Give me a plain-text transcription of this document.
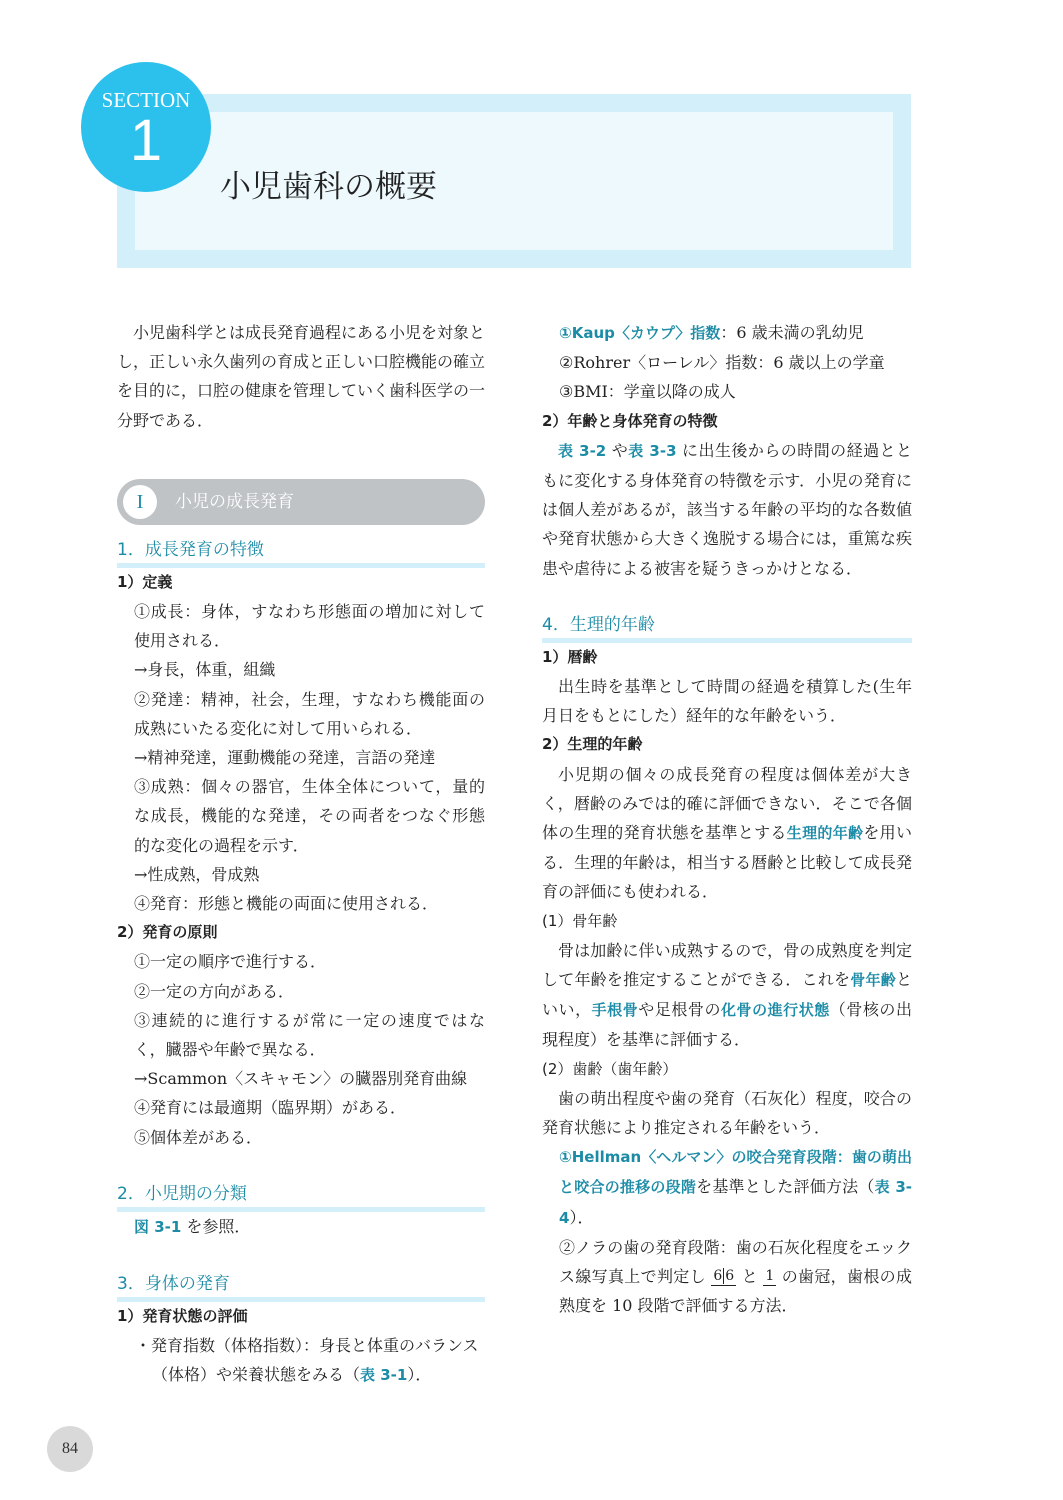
SECTION
1
小児歯科の概要

小児歯科学とは成長発育過程にある小児を対象とし，正しい永久歯列の育成と正しい口腔機能の確立を目的に，口腔の健康を管理していく歯科医学の一分野である．

I	小児の成長発育
1．成長発育の特徴

1）定義

①成長：身体，すなわち形態面の増加に対して使用される．

→身長，体重，組織

②発達：精神，社会，生理，すなわち機能面の成熟にいたる変化に対して用いられる．

→精神発達，運動機能の発達，言語の発達

③成熟：個々の器官，生体全体について，量的な成長，機能的な発達，その両者をつなぐ形態的な変化の過程を示す．

→性成熟，骨成熟

④発育：形態と機能の両面に使用される．

2）発育の原則

①一定の順序で進行する．

②一定の方向がある．

③連続的に進行するが常に一定の速度ではなく，臓器や年齢で異なる．

→Scammon〈スキャモン〉の臓器別発育曲線

④発育には最適期（臨界期）がある．

⑤個体差がある．

2．小児期の分類

図 3-1 を参照．

3．身体の発育

1）発育状態の評価

・発育指数（体格指数）：身長と体重のバランス（体格）や栄養状態をみる（表 3-1）．

①Kaup〈カウプ〉指数：6 歳未満の乳幼児

②Rohrer〈ローレル〉指数：6 歳以上の学童

③BMI：学童以降の成人

2）年齢と身体発育の特徴

表 3-2 や表 3-3 に出生後からの時間の経過とともに変化する身体発育の特徴を示す．小児の発育には個人差があるが，該当する年齢の平均的な各数値や発育状態から大きく逸脱する場合には，重篤な疾患や虐待による被害を疑うきっかけとなる．

4．生理的年齢

1）暦齢

出生時を基準として時間の経過を積算した(生年月日をもとにした）経年的な年齢をいう．

2）生理的年齢

小児期の個々の成長発育の程度は個体差が大きく，暦齢のみでは的確に評価できない．そこで各個体の生理的発育状態を基準とする生理的年齢を用いる．生理的年齢は，相当する暦齢と比較して成長発育の評価にも使われる．

(1）骨年齢

骨は加齢に伴い成熟するので，骨の成熟度を判定して年齢を推定することができる．これを骨年齢といい，手根骨や足根骨の化骨の進行状態（骨核の出現程度）を基準に評価する．

(2）歯齢（歯年齢）

歯の萌出程度や歯の発育（石灰化）程度，咬合の発育状態により推定される年齢をいう．

①Hellman〈ヘルマン〉の咬合発育段階：歯の萌出と咬合の推移の段階を基準とした評価方法（表 3-4）．

②ノラの歯の発育段階：歯の石灰化程度をエックス線写真上で判定し 6 6 と 1 の歯冠，歯根の成熟度を 10 段階で評価する方法．

84
